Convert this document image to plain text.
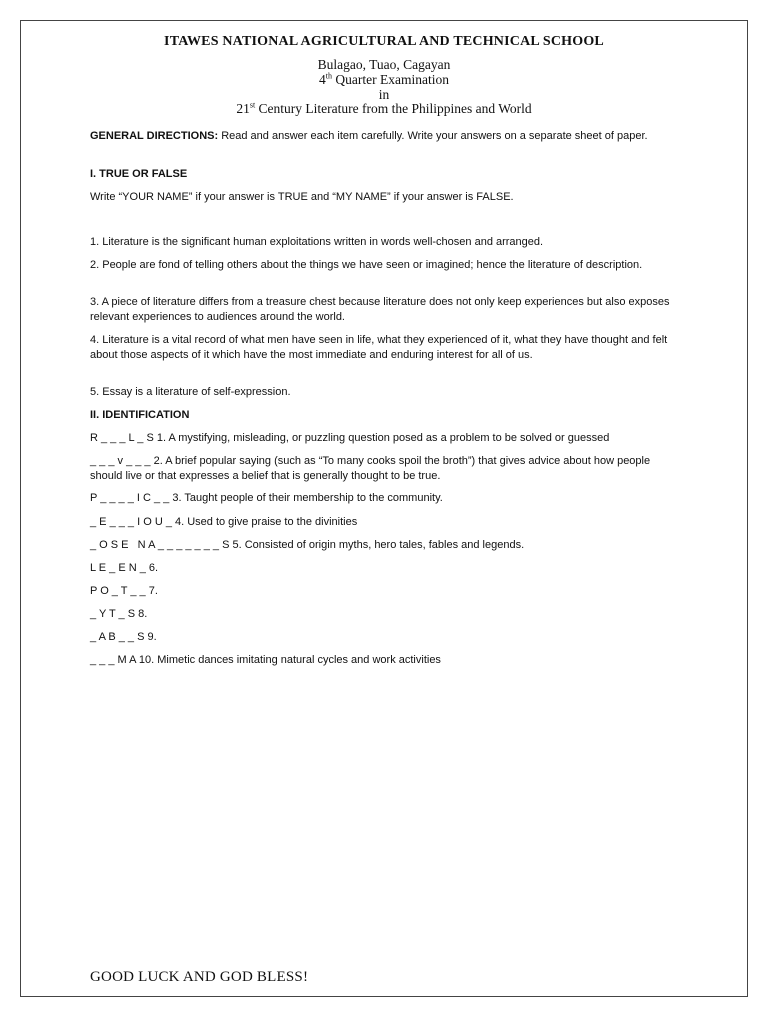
ITAWES NATIONAL AGRICULTURAL AND TECHNICAL SCHOOL
Bulagao, Tuao, Cagayan
4th Quarter Examination
in
21st Century Literature from the Philippines and World
GENERAL DIRECTIONS: Read and answer each item carefully. Write your answers on a separate sheet of paper.
I. TRUE OR FALSE
Write “YOUR NAME” if your answer is TRUE and “MY NAME” if your answer is FALSE.
1. Literature is the significant human exploitations written in words well-chosen and arranged.
2. People are fond of telling others about the things we have seen or imagined; hence the literature of description.
3. A piece of literature differs from a treasure chest because literature does not only keep experiences but also exposes relevant experiences to audiences around the world.
4. Literature is a vital record of what men have seen in life, what they experienced of it, what they have thought and felt about those aspects of it which have the most immediate and enduring interest for all of us.
5. Essay is a literature of self-expression.
II. IDENTIFICATION
R _ _ _ L _ S 1. A mystifying, misleading, or puzzling question posed as a problem to be solved or guessed
_ _ _ v _ _ _ 2. A brief popular saying (such as “To many cooks spoil the broth”) that gives advice about how people should live or that expresses a belief that is generally thought to be true.
P _ _ _ _ I C _ _ 3. Taught people of their membership to the community.
_ E _ _ _ I O U _ 4. Used to give praise to the divinities
_ O S E   N A _ _ _ _ _ _ _ S 5. Consisted of origin myths, hero tales, fables and legends.
L E _ E N _ 6.
P O _ T _ _ 7.
_ Y T _ S 8.
_ A B _ _ S 9.
_ _ _ M A 10. Mimetic dances imitating natural cycles and work activities
GOOD LUCK AND GOD BLESS!
